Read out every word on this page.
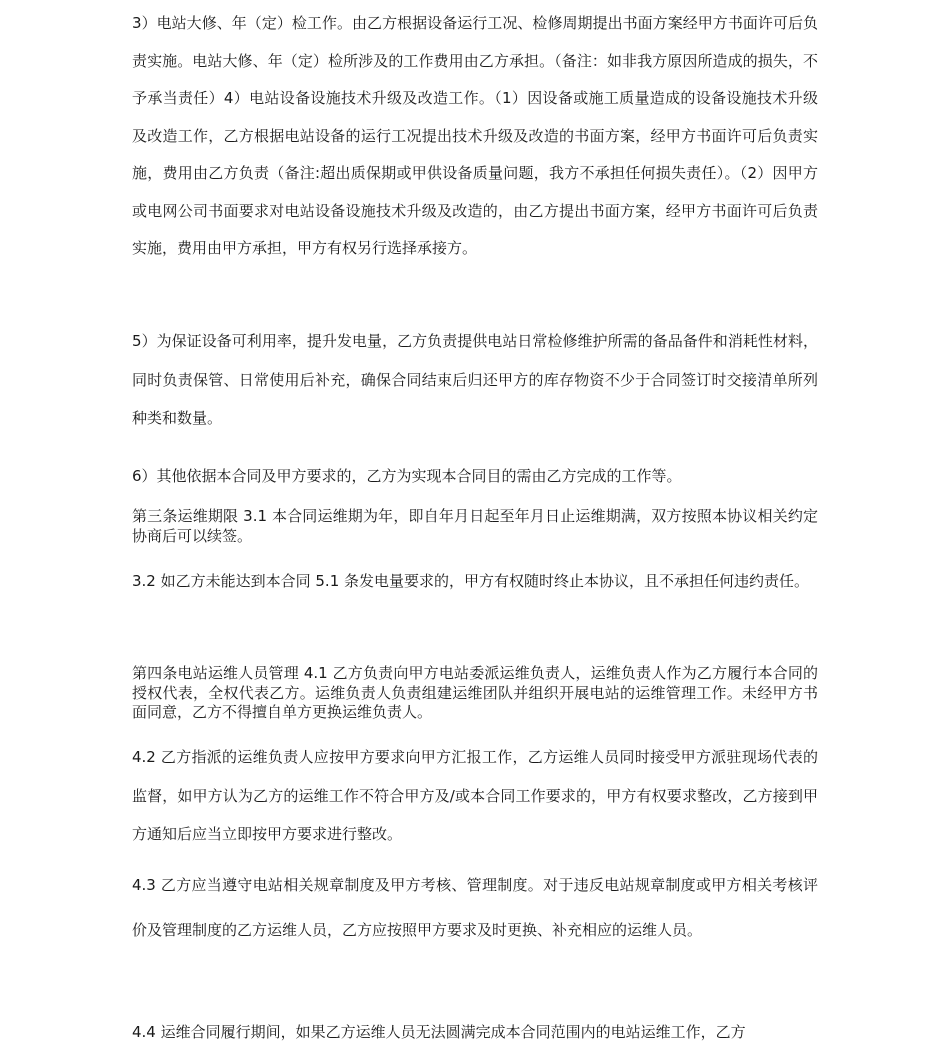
3）电站大修、年（定）检工作。由乙方根据设备运行工况、检修周期提出书面方案经甲方书面许可后负责实施。电站大修、年（定）检所涉及的工作费用由乙方承担。（备注：如非我方原因所造成的损失，不予承当责任）4）电站设备设施技术升级及改造工作。（1）因设备或施工质量造成的设备设施技术升级及改造工作，乙方根据电站设备的运行工况提出技术升级及改造的书面方案，经甲方书面许可后负责实施，费用由乙方负责（备注:超出质保期或甲供设备质量问题，我方不承担任何损失责任）。（2）因甲方或电网公司书面要求对电站设备设施技术升级及改造的，由乙方提出书面方案，经甲方书面许可后负责实施，费用由甲方承担，甲方有权另行选择承接方。

5）为保证设备可利用率，提升发电量，乙方负责提供电站日常检修维护所需的备品备件和消耗性材料，同时负责保管、日常使用后补充，确保合同结束后归还甲方的库存物资不少于合同签订时交接清单所列种类和数量。

6）其他依据本合同及甲方要求的，乙方为实现本合同目的需由乙方完成的工作等。

第三条运维期限 3.1 本合同运维期为年，即自年月日起至年月日止运维期满，双方按照本协议相关约定协商后可以续签。

3.2 如乙方未能达到本合同 5.1 条发电量要求的，甲方有权随时终止本协议，且不承担任何违约责任。

第四条电站运维人员管理 4.1 乙方负责向甲方电站委派运维负责人，运维负责人作为乙方履行本合同的授权代表，全权代表乙方。运维负责人负责组建运维团队并组织开展电站的运维管理工作。未经甲方书面同意，乙方不得擅自单方更换运维负责人。

4.2 乙方指派的运维负责人应按甲方要求向甲方汇报工作，乙方运维人员同时接受甲方派驻现场代表的监督，如甲方认为乙方的运维工作不符合甲方及/或本合同工作要求的，甲方有权要求整改，乙方接到甲方通知后应当立即按甲方要求进行整改。

4.3 乙方应当遵守电站相关规章制度及甲方考核、管理制度。对于违反电站规章制度或甲方相关考核评价及管理制度的乙方运维人员，乙方应按照甲方要求及时更换、补充相应的运维人员。

4.4 运维合同履行期间，如果乙方运维人员无法圆满完成本合同范围内的电站运维工作，乙方
